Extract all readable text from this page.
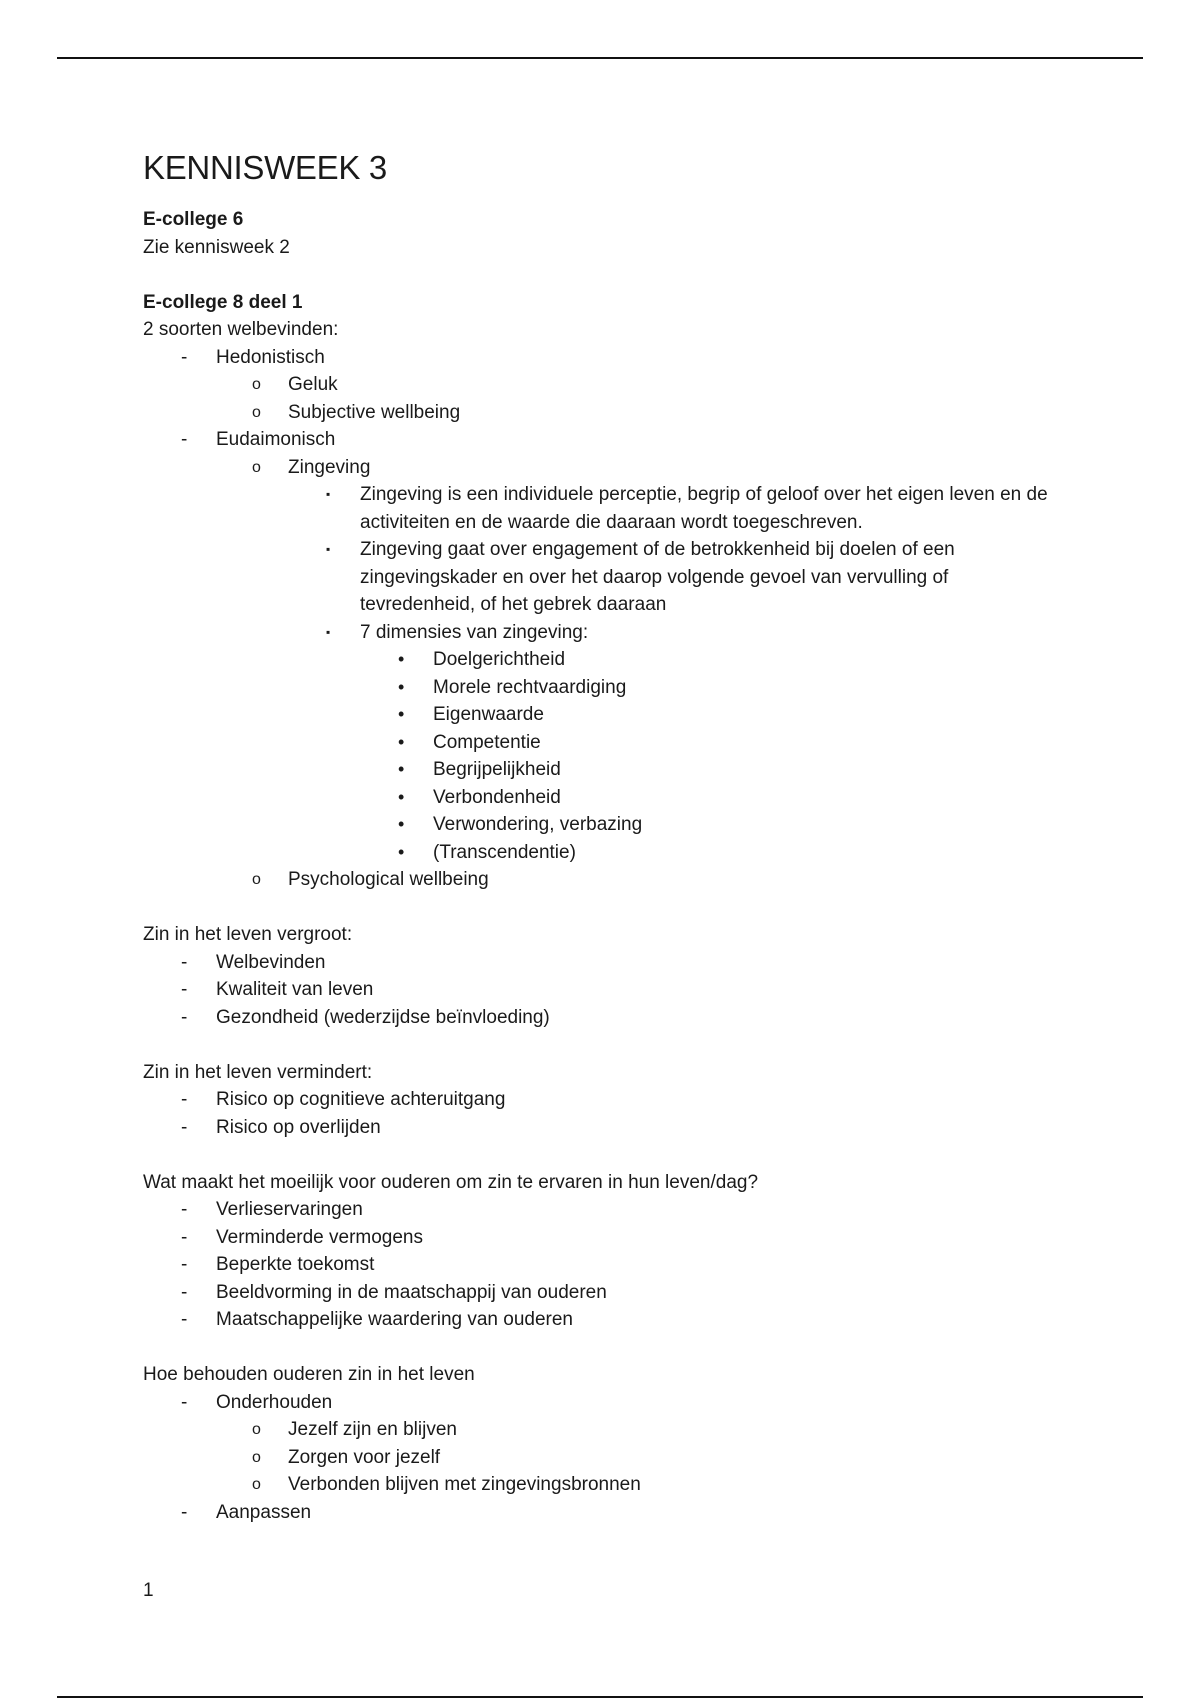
KENNISWEEK 3
E-college 6
Zie kennisweek 2
E-college 8 deel 1
2 soorten welbevinden:
- Hedonistisch
o Geluk
o Subjective wellbeing
- Eudaimonisch
o Zingeving
▪ Zingeving is een individuele perceptie, begrip of geloof over het eigen leven en de activiteiten en de waarde die daaraan wordt toegeschreven.
▪ Zingeving gaat over engagement of de betrokkenheid bij doelen of een zingevingskader en over het daarop volgende gevoel van vervulling of tevredenheid, of het gebrek daaraan
▪ 7 dimensies van zingeving:
• Doelgerichtheid
• Morele rechtvaardiging
• Eigenwaarde
• Competentie
• Begrijpelijkheid
• Verbondenheid
• Verwondering, verbazing
• (Transcendentie)
o Psychological wellbeing
Zin in het leven vergroot:
- Welbevinden
- Kwaliteit van leven
- Gezondheid (wederzijdse beïnvloeding)
Zin in het leven vermindert:
- Risico op cognitieve achteruitgang
- Risico op overlijden
Wat maakt het moeilijk voor ouderen om zin te ervaren in hun leven/dag?
- Verlieservaringen
- Verminderde vermogens
- Beperkte toekomst
- Beeldvorming in de maatschappij van ouderen
- Maatschappelijke waardering van ouderen
Hoe behouden ouderen zin in het leven
- Onderhouden
o Jezelf zijn en blijven
o Zorgen voor jezelf
o Verbonden blijven met zingevingsbronnen
- Aanpassen
1
